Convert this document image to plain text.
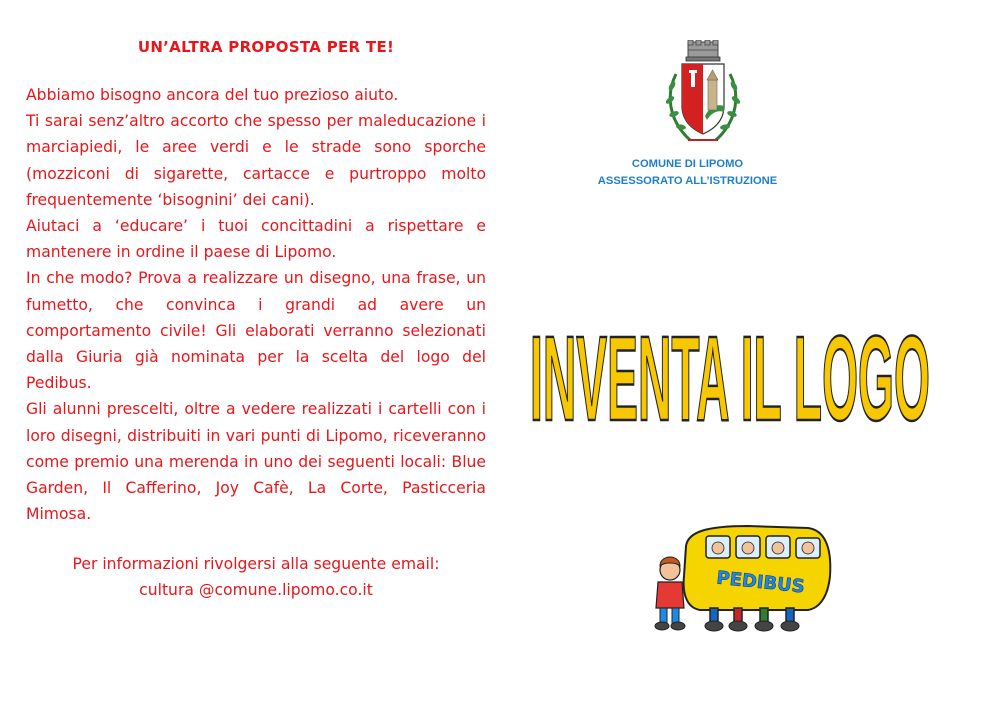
UN’ALTRA PROPOSTA PER TE!

Abbiamo bisogno ancora del tuo prezioso aiuto.

Ti sarai senz’altro accorto che spesso per maleducazione i marciapiedi, le aree verdi e le strade sono sporche (mozziconi di sigarette, cartacce e purtroppo molto frequentemente ‘bisognini’ dei cani).

Aiutaci a ‘educare’ i tuoi concittadini a rispettare e mantenere in ordine il paese di Lipomo.

In che modo? Prova a realizzare un disegno, una frase, un fumetto, che convinca i grandi ad avere un comportamento civile! Gli elaborati verranno selezionati dalla Giuria già nominata per la scelta del logo del Pedibus.

Gli alunni prescelti, oltre a vedere realizzati i cartelli con i loro disegni, distribuiti in vari punti di Lipomo, riceveranno come premio una merenda in uno dei seguenti locali: Blue Garden, Il Cafferino, Joy Cafè, La Corte, Pasticceria Mimosa.

Per informazioni rivolgersi alla seguente email:
cultura @comune.lipomo.co.it
COMUNE DI LIPOMO
ASSESSORATO ALL’ISTRUZIONE
INVENTA IL LOGO
PEDIBUS
